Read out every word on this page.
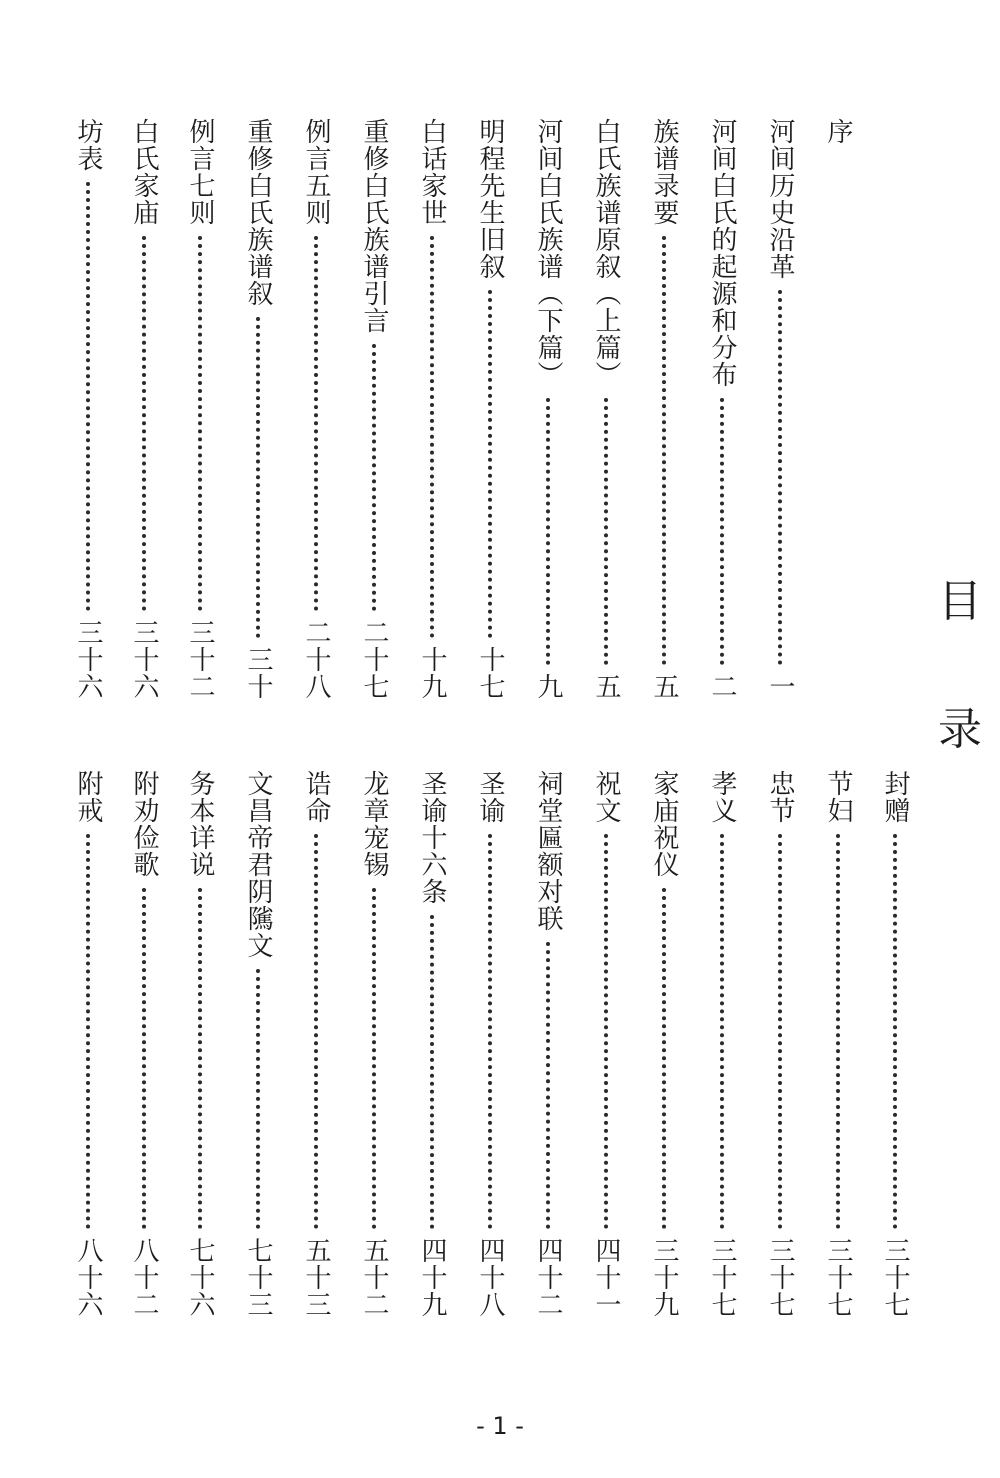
目
录
序
河间历史沿革
一
河间白氏的起源和分布
二
族谱录要
五
白氏族谱原叙（上篇）
五
河间白氏族谱（下篇）
九
明程先生旧叙
十七
白话家世
十九
重修白氏族谱引言
二十七
例言五则
二十八
重修白氏族谱叙
三十
例言七则
三十二
白氏家庙
三十六
坊表
三十六
封赠
三十七
节妇
三十七
忠节
三十七
孝义
三十七
家庙祝仪
三十九
祝文
四十一
祠堂匾额对联
四十二
圣谕
四十八
圣谕十六条
四十九
龙章宠锡
五十二
诰命
五十三
文昌帝君阴隲文
七十三
务本详说
七十六
附劝俭歌
八十二
附戒
八十六
- 1 -
